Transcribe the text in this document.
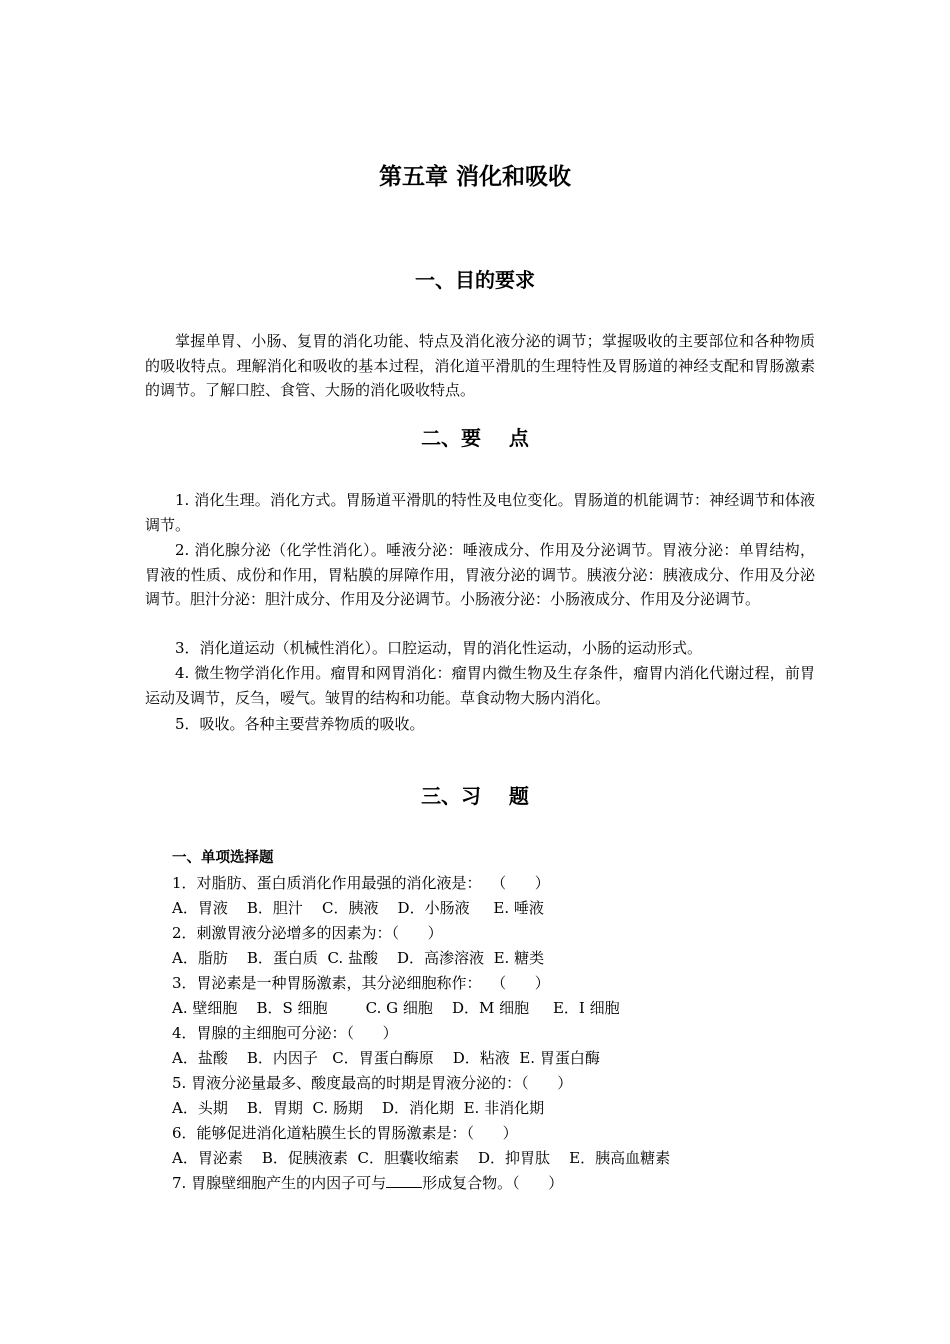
第五章 消化和吸收
一、目的要求

掌握单胃、小肠、复胃的消化功能、特点及消化液分泌的调节；掌握吸收的主要部位和各种物质的吸收特点。理解消化和吸收的基本过程，消化道平滑肌的生理特性及胃肠道的神经支配和胃肠激素的调节。了解口腔、食管、大肠的消化吸收特点。

二、要    点

1. 消化生理。消化方式。胃肠道平滑肌的特性及电位变化。胃肠道的机能调节：神经调节和体液调节。

2. 消化腺分泌（化学性消化）。唾液分泌：唾液成分、作用及分泌调节。胃液分泌：单胃结构，胃液的性质、成份和作用，胃粘膜的屏障作用，胃液分泌的调节。胰液分泌：胰液成分、作用及分泌调节。胆汁分泌：胆汁成分、作用及分泌调节。小肠液分泌：小肠液成分、作用及分泌调节。

3．消化道运动（机械性消化）。口腔运动，胃的消化性运动，小肠的运动形式。

4. 微生物学消化作用。瘤胃和网胃消化：瘤胃内微生物及生存条件，瘤胃内消化代谢过程，前胃运动及调节，反刍，嗳气。皱胃的结构和功能。草食动物大肠内消化。

5．吸收。各种主要营养物质的吸收。

三、习    题
一、单项选择题
1．对脂肪、蛋白质消化作用最强的消化液是：  （      ）
A．胃液    B．胆汁    C．胰液    D．小肠液     E. 唾液
2．刺激胃液分泌增多的因素为：（      ）
A．脂肪    B．蛋白质  C. 盐酸    D．高渗溶液  E. 糖类
3．胃泌素是一种胃肠激素，其分泌细胞称作：  （      ）
A. 壁细胞    B．S 细胞        C. G 细胞    D．M 细胞     E．I 细胞
4．胃腺的主细胞可分泌：（      ）
A．盐酸    B．内因子   C．胃蛋白酶原    D．粘液  E. 胃蛋白酶
5. 胃液分泌量最多、酸度最高的时期是胃液分泌的：（      ）
A．头期    B．胃期  C. 肠期    D．消化期  E. 非消化期
6．能够促进消化道粘膜生长的胃肠激素是：（      ）
A．胃泌素    B．促胰液素  C．胆囊收缩素    D．抑胃肽    E．胰高血糖素
7. 胃腺壁细胞产生的内因子可与 形成复合物。（      ）
